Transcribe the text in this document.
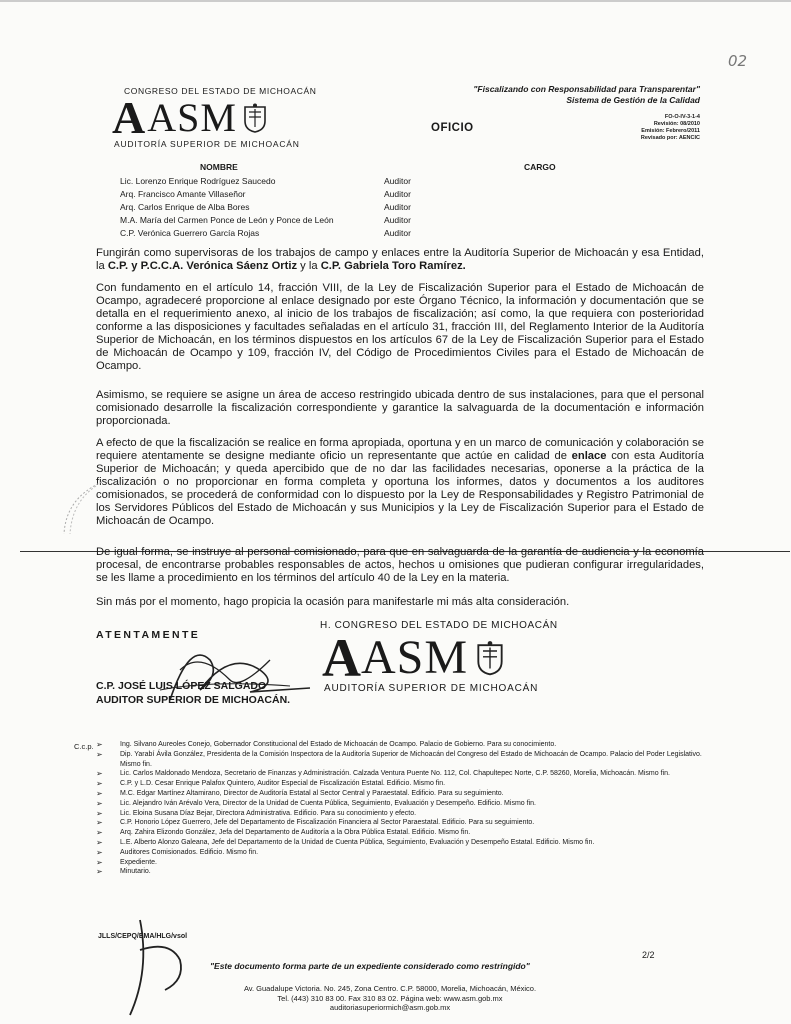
02
CONGRESO DEL ESTADO DE MICHOACÁN
A ASM
AUDITORÍA SUPERIOR DE MICHOACÁN
"Fiscalizando con Responsabilidad para Transparentar"
Sistema de Gestión de la Calidad
OFICIO
FO-O-IV-3-1-4
Revisión: 08/2010
Emisión: Febrero/2011
Revisado por: AENCIC
NOMBRE	CARGO
Lic. Lorenzo Enrique Rodríguez Saucedo	Auditor
Arq. Francisco Amante Villaseñor	Auditor
Arq. Carlos Enrique de Alba Bores	Auditor
M.A. María del Carmen Ponce de León y Ponce de León	Auditor
C.P. Verónica Guerrero García Rojas	Auditor
Fungirán como supervisoras de los trabajos de campo y enlaces entre la Auditoría Superior de Michoacán y esa Entidad, la C.P. y P.C.C.A. Verónica Sáenz Ortiz y la C.P. Gabriela Toro Ramírez.
Con fundamento en el artículo 14, fracción VIII, de la Ley de Fiscalización Superior para el Estado de Michoacán de Ocampo, agradeceré proporcione al enlace designado por este Órgano Técnico, la información y documentación que se detalla en el requerimiento anexo, al inicio de los trabajos de fiscalización; así como, la que requiera con posterioridad conforme a las disposiciones y facultades señaladas en el artículo 31, fracción III, del Reglamento Interior de la Auditoría Superior de Michoacán, en los términos dispuestos en los artículos 67 de la Ley de Fiscalización Superior para el Estado de Michoacán de Ocampo y 109, fracción IV, del Código de Procedimientos Civiles para el Estado de Michoacán de Ocampo.
Asimismo, se requiere se asigne un área de acceso restringido ubicada dentro de sus instalaciones, para que el personal comisionado desarrolle la fiscalización correspondiente y garantice la salvaguarda de la documentación e información proporcionada.
A efecto de que la fiscalización se realice en forma apropiada, oportuna y en un marco de comunicación y colaboración se requiere atentamente se designe mediante oficio un representante que actúe en calidad de enlace con esta Auditoría Superior de Michoacán; y queda apercibido que de no dar las facilidades necesarias, oponerse a la práctica de la fiscalización o no proporcionar en forma completa y oportuna los informes, datos y documentos a los auditores comisionados, se procederá de conformidad con lo dispuesto por la Ley de Responsabilidades y Registro Patrimonial de los Servidores Públicos del Estado de Michoacán y sus Municipios y la Ley de Fiscalización Superior para el Estado de Michoacán de Ocampo.
De igual forma, se instruye al personal comisionado, para que en salvaguarda de la garantía de audiencia y la economía procesal, de encontrarse probables responsables de actos, hechos u omisiones que pudieran configurar irregularidades, se les llame a procedimiento en los términos del artículo 40 de la Ley en la materia.
Sin más por el momento, hago propicia la ocasión para manifestarle mi más alta consideración.
ATENTAMENTE
C.P. JOSÉ LUIS LÓPEZ SALGADO
AUDITOR SUPERIOR DE MICHOACÁN.
H. CONGRESO DEL ESTADO DE MICHOACÁN
A ASM
AUDITORÍA SUPERIOR DE MICHOACÁN
C.c.p. ➢ Ing. Silvano Aureoles Conejo, Gobernador Constitucional del Estado de Michoacán de Ocampo. Palacio de Gobierno. Para su conocimiento.
➢ Dip. Yarabí Ávila González, Presidenta de la Comisión Inspectora de la Auditoría Superior de Michoacán del Congreso del Estado de Michoacán de Ocampo. Palacio del Poder Legislativo. Mismo fin.
➢ Lic. Carlos Maldonado Mendoza, Secretario de Finanzas y Administración. Calzada Ventura Puente No. 112, Col. Chapultepec Norte, C.P. 58260, Morelia, Michoacán. Mismo fin.
➢ C.P. y L.D. Cesar Enrique Palafox Quintero, Auditor Especial de Fiscalización Estatal. Edificio. Mismo fin.
➢ M.C. Edgar Martínez Altamirano, Director de Auditoría Estatal al Sector Central y Paraestatal. Edificio. Para su seguimiento.
➢ Lic. Alejandro Iván Arévalo Vera, Director de la Unidad de Cuenta Pública, Seguimiento, Evaluación y Desempeño. Edificio. Mismo fin.
➢ Lic. Eloina Susana Díaz Bejar, Directora Administrativa. Edificio. Para su conocimiento y efecto.
➢ C.P. Honorio López Guerrero, Jefe del Departamento de Fiscalización Financiera al Sector Paraestatal. Edificio. Para su seguimiento.
➢ Arq. Zahira Elizondo González, Jefa del Departamento de Auditoría a la Obra Pública Estatal. Edificio. Mismo fin.
➢ L.E. Alberto Alonzo Galeana, Jefe del Departamento de la Unidad de Cuenta Pública, Seguimiento, Evaluación y Desempeño Estatal. Edificio. Mismo fin.
➢ Auditores Comisionados. Edificio. Mismo fin.
➢ Expediente.
➢ Minutario.
JLLS/CEPQ/EMA/HLG/vsol
2/2
"Este documento forma parte de un expediente considerado como restringido"
Av. Guadalupe Victoria. No. 245, Zona Centro. C.P. 58000, Morelia, Michoacán, México.
Tel. (443) 310 83 00. Fax 310 83 02. Página web: www.asm.gob.mx
auditoriasuperiormich@asm.gob.mx
